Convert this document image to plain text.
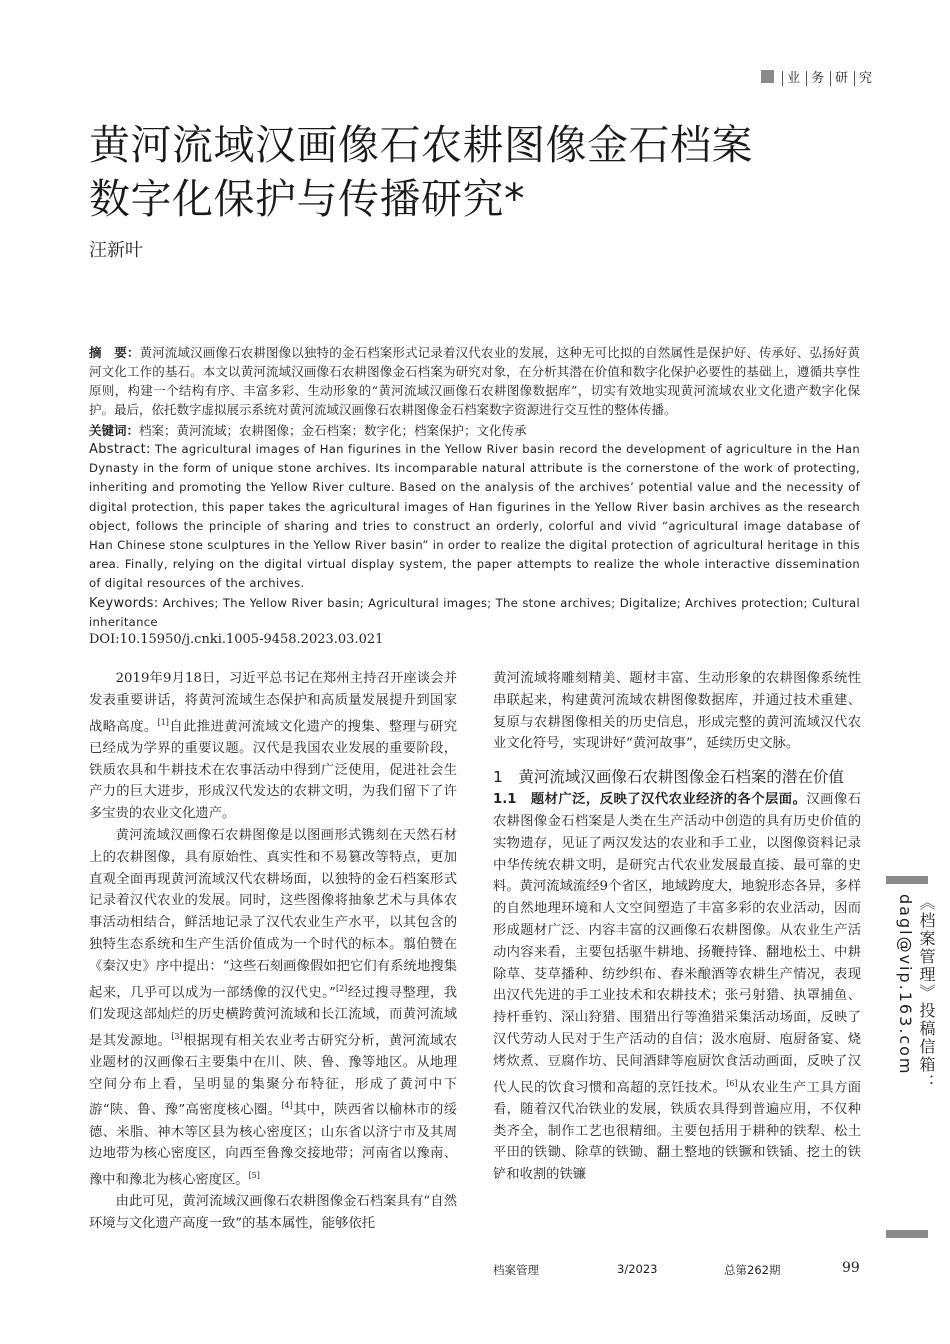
业 务 研 究
黄河流域汉画像石农耕图像金石档案
数字化保护与传播研究*
汪新叶
摘　要：黄河流域汉画像石农耕图像以独特的金石档案形式记录着汉代农业的发展，这种无可比拟的自然属性是保护好、传承好、弘扬好黄河文化工作的基石。本文以黄河流域汉画像石农耕图像金石档案为研究对象，在分析其潜在价值和数字化保护必要性的基础上，遵循共享性原则，构建一个结构有序、丰富多彩、生动形象的“黄河流域汉画像石农耕图像数据库”，切实有效地实现黄河流域农业文化遗产数字化保护。最后，依托数字虚拟展示系统对黄河流域汉画像石农耕图像金石档案数字资源进行交互性的整体传播。
关键词：档案；黄河流域；农耕图像；金石档案；数字化；档案保护；文化传承
Abstract: The agricultural images of Han figurines in the Yellow River basin record the development of agriculture in the Han Dynasty in the form of unique stone archives. Its incomparable natural attribute is the cornerstone of the work of protecting, inheriting and promoting the Yellow River culture. Based on the analysis of the archives’ potential value and the necessity of digital protection, this paper takes the agricultural images of Han figurines in the Yellow River basin archives as the research object, follows the principle of sharing and tries to construct an orderly, colorful and vivid “agricultural image database of Han Chinese stone sculptures in the Yellow River basin” in order to realize the digital protection of agricultural heritage in this area. Finally, relying on the digital virtual display system, the paper attempts to realize the whole interactive dissemination of digital resources of the archives.
Keywords: Archives; The Yellow River basin; Agricultural images; The stone archives; Digitalize; Archives protection; Cultural inheritance
DOI:10.15950/j.cnki.1005-9458.2023.03.021

2019年9月18日，习近平总书记在郑州主持召开座谈会并发表重要讲话，将黄河流域生态保护和高质量发展提升到国家战略高度。[1]自此推进黄河流域文化遗产的搜集、整理与研究已经成为学界的重要议题。汉代是我国农业发展的重要阶段，铁质农具和牛耕技术在农事活动中得到广泛使用，促进社会生产力的巨大进步，形成汉代发达的农耕文明，为我们留下了许多宝贵的农业文化遗产。

黄河流域汉画像石农耕图像是以图画形式镌刻在天然石材上的农耕图像，具有原始性、真实性和不易篡改等特点，更加直观全面再现黄河流域汉代农耕场面，以独特的金石档案形式记录着汉代农业的发展。同时，这些图像将抽象艺术与具体农事活动相结合，鲜活地记录了汉代农业生产水平，以其包含的独特生态系统和生产生活价值成为一个时代的标本。翦伯赞在《秦汉史》序中提出：“这些石刻画像假如把它们有系统地搜集起来，几乎可以成为一部绣像的汉代史。”[2]经过搜寻整理，我们发现这部灿烂的历史横跨黄河流域和长江流域，而黄河流域是其发源地。[3]根据现有相关农业考古研究分析，黄河流域农业题材的汉画像石主要集中在川、陕、鲁、豫等地区。从地理空间分布上看，呈明显的集聚分布特征，形成了黄河中下游“陕、鲁、豫”高密度核心圈。[4]其中，陕西省以榆林市的绥德、米脂、神木等区县为核心密度区；山东省以济宁市及其周边地带为核心密度区，向西至鲁豫交接地带；河南省以豫南、豫中和豫北为核心密度区。[5]

由此可见，黄河流域汉画像石农耕图像金石档案具有“自然环境与文化遗产高度一致”的基本属性，能够依托

黄河流域将雕刻精美、题材丰富、生动形象的农耕图像系统性串联起来，构建黄河流域农耕图像数据库，并通过技术重建、复原与农耕图像相关的历史信息，形成完整的黄河流域汉代农业文化符号，实现讲好“黄河故事”，延续历史文脉。

1　黄河流域汉画像石农耕图像金石档案的潜在价值

1.1　题材广泛，反映了汉代农业经济的各个层面。汉画像石农耕图像金石档案是人类在生产活动中创造的具有历史价值的实物遗存，见证了两汉发达的农业和手工业，以图像资料记录中华传统农耕文明，是研究古代农业发展最直接、最可靠的史料。黄河流域流经9个省区，地域跨度大，地貌形态各异，多样的自然地理环境和人文空间塑造了丰富多彩的农业活动，因而形成题材广泛、内容丰富的汉画像石农耕图像。从农业生产活动内容来看，主要包括驱牛耕地、扬鞭持锋、翻地松土、中耕除草、芟草播种、纺纱织布、舂米酿酒等农耕生产情况，表现出汉代先进的手工业技术和农耕技术；张弓射猎、执罩捕鱼、持杆垂钓、深山狩猎、围猎出行等渔猎采集活动场面，反映了汉代劳动人民对于生产活动的自信；汲水庖厨、庖厨备宴、烧烤炊煮、豆腐作坊、民间酒肆等庖厨饮食活动画面，反映了汉代人民的饮食习惯和高超的烹饪技术。[6]从农业生产工具方面看，随着汉代冶铁业的发展，铁质农具得到普遍应用，不仅种类齐全，制作工艺也很精细。主要包括用于耕种的铁犁、松土平田的铁锄、除草的铁锄、翻土整地的铁镢和铁锸、挖土的铁铲和收割的铁镰

《档案管理》投稿信箱：dagl@vip.163.com
档案管理	3/2023	总第262期	99
